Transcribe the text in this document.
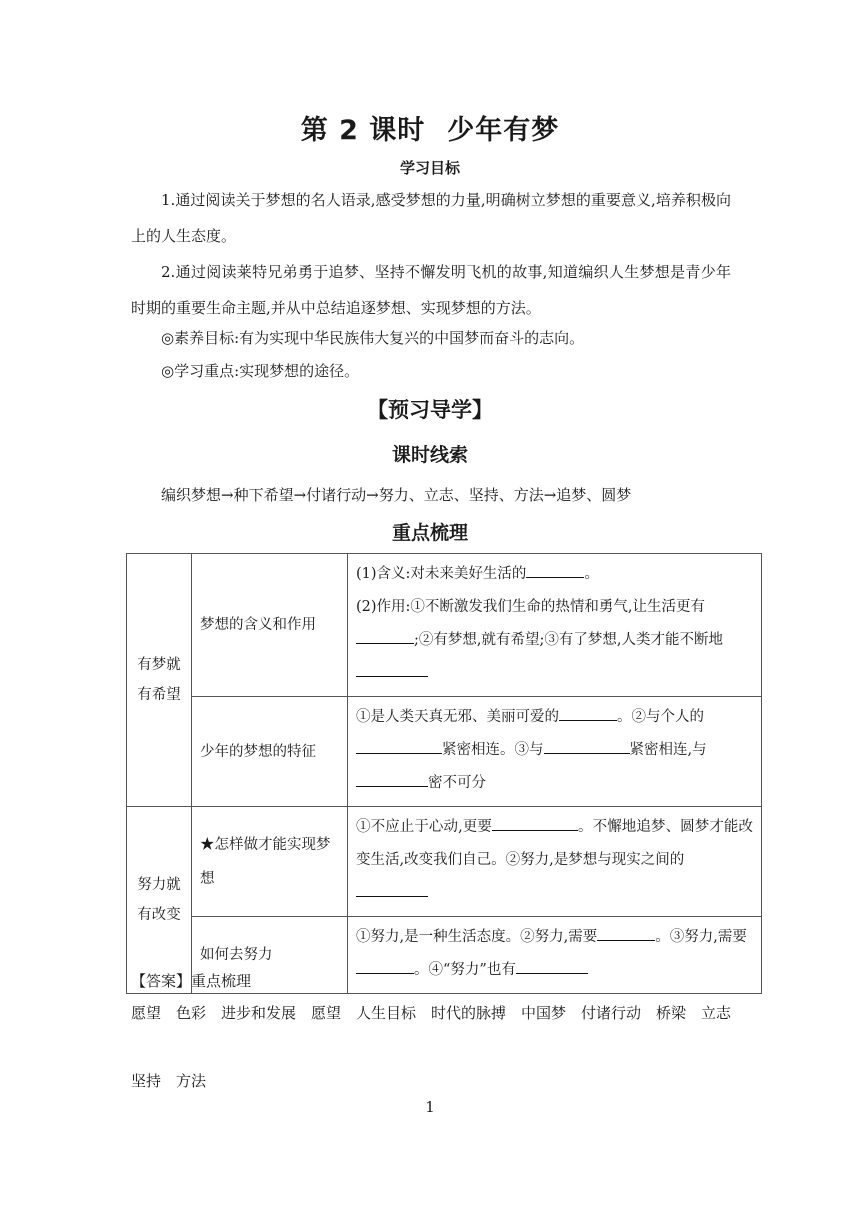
第 2 课时 少年有梦
学习目标
1.通过阅读关于梦想的名人语录,感受梦想的力量,明确树立梦想的重要意义,培养积极向上的人生态度。
2.通过阅读莱特兄弟勇于追梦、坚持不懈发明飞机的故事,知道编织人生梦想是青少年时期的重要生命主题,并从中总结追逐梦想、实现梦想的方法。
◎素养目标:有为实现中华民族伟大复兴的中国梦而奋斗的志向。
◎学习重点:实现梦想的途径。
【预习导学】
课时线索
编织梦想→种下希望→付诸行动→努力、立志、坚持、方法→追梦、圆梦
重点梳理
有梦就有希望	梦想的含义和作用	(1)含义:对未来美好生活的 。
(2)作用:①不断激发我们生命的热情和勇气,让生活更有
;②有梦想,就有希望;③有了梦想,人类才能不断地

	少年的梦想的特征	①是人类天真无邪、美丽可爱的 。②与个人的
紧密相连。③与 紧密相连,与
密不可分
努力就有改变	★怎样做才能实现梦想	①不应止于心动,更要 。不懈地追梦、圆梦才能改变生活,改变我们自己。②努力,是梦想与现实之间的

	如何去努力	①努力,是一种生活态度。②努力,需要 。③努力,需要
。④“努力”也有
【答案】重点梳理
愿望　色彩　进步和发展　愿望　人生目标　时代的脉搏　中国梦　付诸行动　桥梁　立志
坚持　方法
1
